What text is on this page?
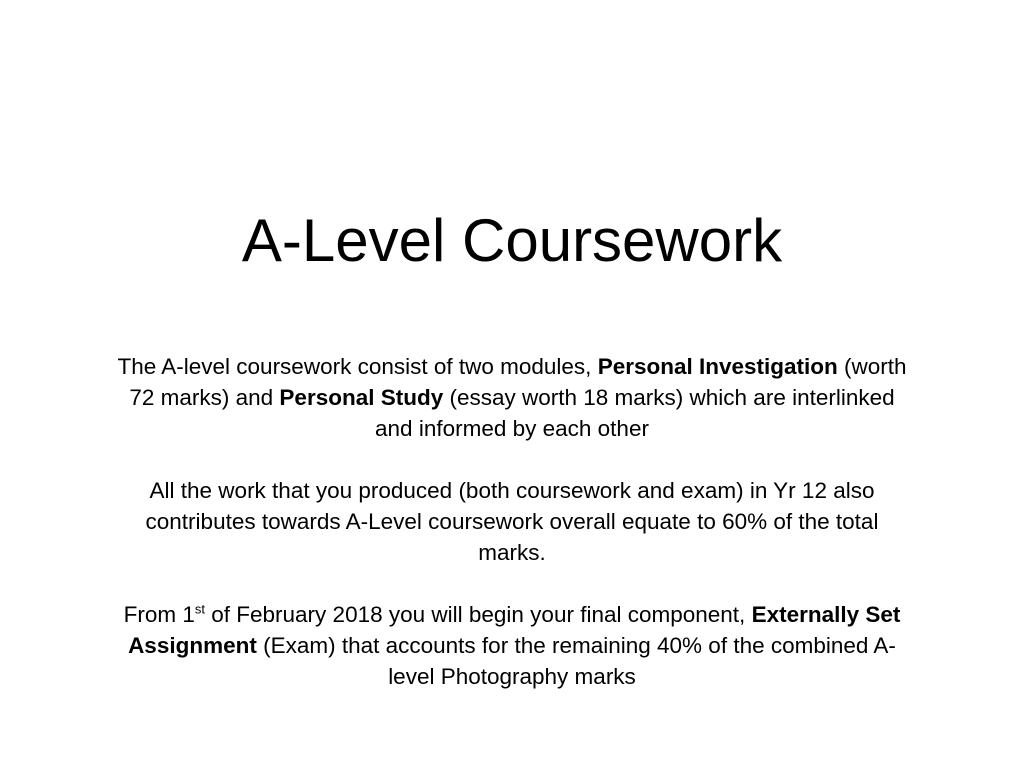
A-Level Coursework

The A-level coursework consist of two modules, Personal Investigation (worth 72 marks) and Personal Study (essay worth 18 marks) which are interlinked and informed by each other

All the work that you produced (both coursework and exam) in Yr 12 also contributes towards A-Level coursework overall equate to 60% of the total marks.

From 1st of February 2018 you will begin your final component, Externally Set Assignment (Exam) that accounts for the remaining 40% of the combined A-level Photography marks
